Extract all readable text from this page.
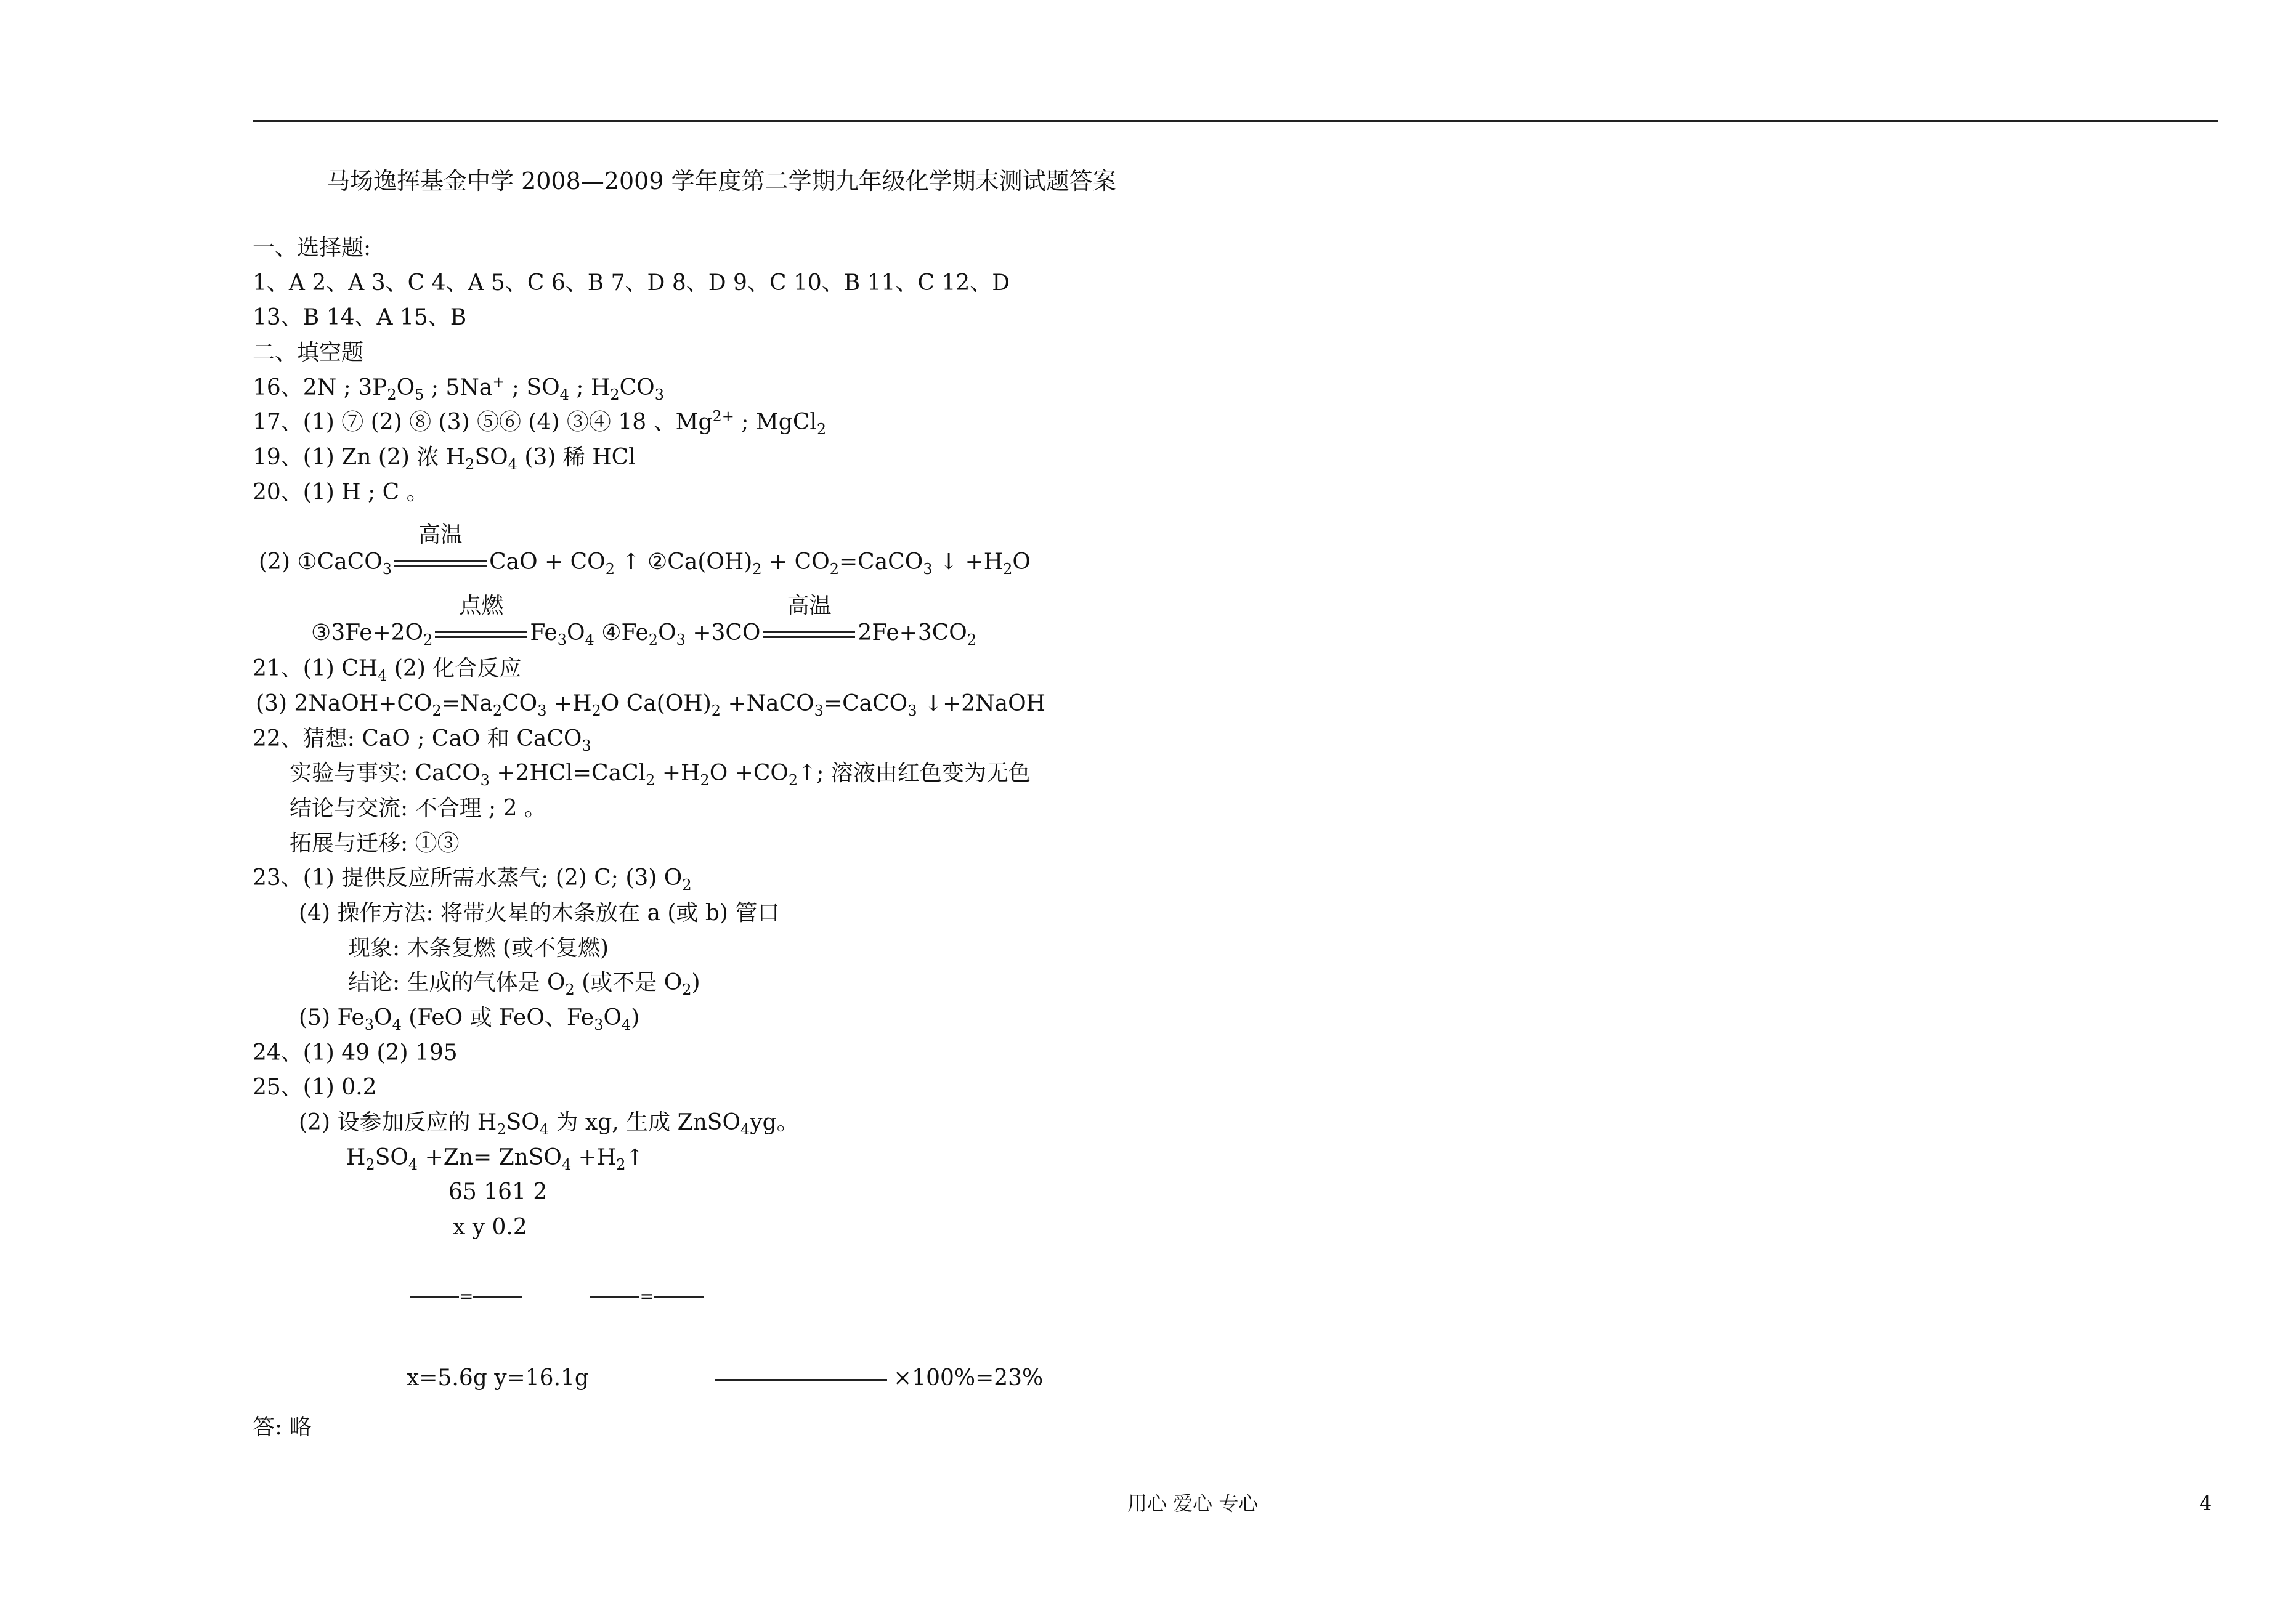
马场逸挥基金中学 2008—2009 学年度第二学期九年级化学期末测试题答案
一、选择题:
1、A 2、A 3、C 4、A 5、C 6、B 7、D 8、D 9、C 10、B 11、C 12、D
13、B 14、A 15、B
二、填空题
16、2N ; $3P_2O_5$ ; 5Na+ ; $SO_4$ ; $H_2CO_3$
17、(1) ⑦ (2) ⑧ (3) ⑤⑥ (4) ③④ 18 、$Mg^{2+}$ ; MgCl$_2$
19、(1) Zn (2) 浓 $H_2SO_4$ (3) 稀 HCl
20、(1) H ; C 。
(2) ①CaCO$_3$
高温
CaO + $CO_2$ ↑ $②Ca(OH)_2$ + $CO_2=CaCO_3$ ↓ $+H_2O$
$③3Fe+2O_2$
点燃
$Fe_3O_4$ $④Fe_2O_3 +3CO$
高温
$2Fe+3CO_2$
21、(1) $CH_4$ (2) 化合反应
(3) $2NaOH+CO_2=Na_2CO_3 +H_2O$ $Ca(OH)_2$ +NaCO$_3$=CaCO$_3$ ↓+2NaOH
22、猜想: CaO ; CaO 和 CaCO$_3$
实验与事实: CaCO$_3$ +2HCl=CaCl$_2$ $+H_2O$ $+CO_2↑$; 溶液由红色变为无色
结论与交流: 不合理 ; 2 。
拓展与迁移: ①③
23、(1) 提供反应所需水蒸气; (2) C; (3) $O_2$
(4) 操作方法: 将带火星的木条放在 a (或 b) 管口
现象: 木条复燃 (或不复燃)
结论: 生成的气体是 $O_2$ (或不是 $O_2$)
(5) $Fe_3O_4$ (FeO 或 FeO、$Fe_3O_4$)
24、(1) 49 (2) 195
25、(1) 0.2
(2) 设参加反应的 $H_2SO_4$ 为 xg, 生成 ZnSO$_4$yg。
$H_2SO_4 +Zn=$ ZnSO$_4$ $+H_2↑$
65 161 2
x y 0.2
=	=
x=5.6g y=16.1g	×100%=23%
答: 略
用心 爱心 专心	4
